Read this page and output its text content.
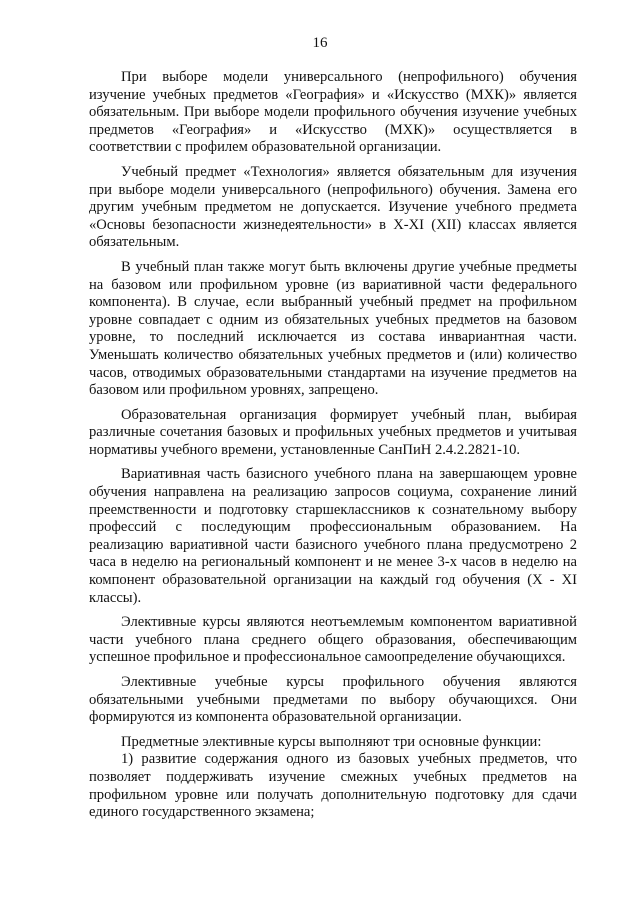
16

При выборе модели универсального (непрофильного) обучения изучение учебных предметов «География» и «Искусство (МХК)» является обязательным. При выборе модели профильного обучения изучение учебных предметов «География» и «Искусство (МХК)» осуществляется в соответствии с профилем образовательной организации.

Учебный предмет «Технология» является обязательным для изучения при выборе модели универсального (непрофильного) обучения. Замена его другим учебным предметом не допускается. Изучение учебного предмета «Основы безопасности жизнедеятельности» в X-XI (XII) классах является обязательным.

В учебный план также могут быть включены другие учебные предметы на базовом или профильном уровне (из вариативной части федерального компонента). В случае, если выбранный учебный предмет на профильном уровне совпадает с одним из обязательных учебных предметов на базовом уровне, то последний исключается из состава инвариантная части. Уменьшать количество обязательных учебных предметов и (или) количество часов, отводимых образовательными стандартами на изучение предметов на базовом или профильном уровнях, запрещено.

Образовательная организация формирует учебный план, выбирая различные сочетания базовых и профильных учебных предметов и учитывая нормативы учебного времени, установленные СанПиН 2.4.2.2821-10.

Вариативная часть базисного учебного плана на завершающем уровне обучения направлена на реализацию запросов социума, сохранение линий преемственности и подготовку старшеклассников к сознательному выбору профессий с последующим профессиональным образованием. На реализацию вариативной части базисного учебного плана предусмотрено 2 часа в неделю на региональный компонент и не менее 3-х часов в неделю на компонент образовательной организации на каждый год обучения (X - XI классы).

Элективные курсы являются неотъемлемым компонентом вариативной части учебного плана среднего общего образования, обеспечивающим успешное профильное и профессиональное самоопределение обучающихся.

Элективные учебные курсы профильного обучения являются обязательными учебными предметами по выбору обучающихся. Они формируются из компонента образовательной организации.

Предметные элективные курсы выполняют три основные функции:

1) развитие содержания одного из базовых учебных предметов, что позволяет поддерживать изучение смежных учебных предметов на профильном уровне или получать дополнительную подготовку для сдачи единого государственного экзамена;
